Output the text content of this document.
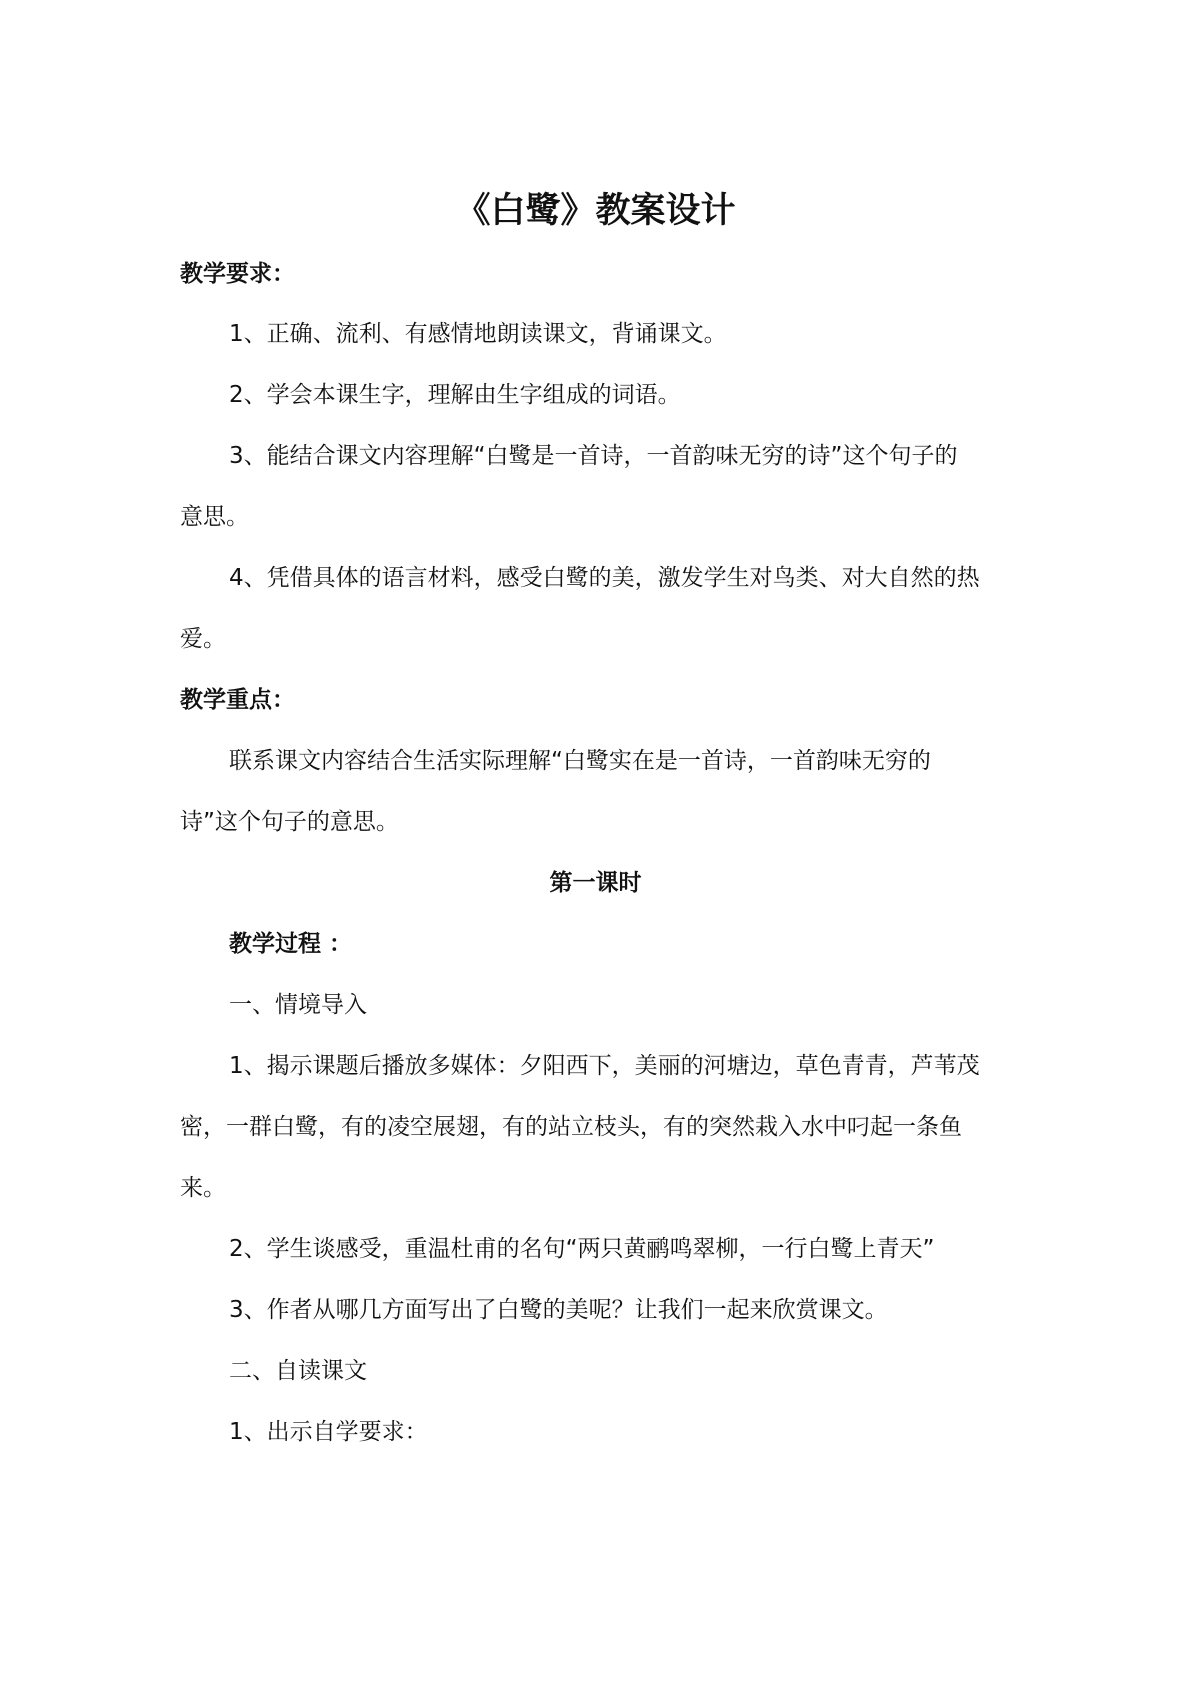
《白鹭》教案设计
教学要求：
1、正确、流利、有感情地朗读课文，背诵课文。
2、学会本课生字，理解由生字组成的词语。
3、能结合课文内容理解“白鹭是一首诗，一首韵味无穷的诗”这个句子的
意思。
4、凭借具体的语言材料，感受白鹭的美，激发学生对鸟类、对大自然的热
爱。
教学重点：
联系课文内容结合生活实际理解“白鹭实在是一首诗，一首韵味无穷的
诗”这个句子的意思。
第一课时
教学过程 ：
一、情境导入
1、揭示课题后播放多媒体：夕阳西下，美丽的河塘边，草色青青，芦苇茂
密，一群白鹭，有的凌空展翅，有的站立枝头，有的突然栽入水中叼起一条鱼
来。
2、学生谈感受，重温杜甫的名句“两只黄鹂鸣翠柳，一行白鹭上青天”
3、作者从哪几方面写出了白鹭的美呢？让我们一起来欣赏课文。
二、自读课文
1、出示自学要求：
